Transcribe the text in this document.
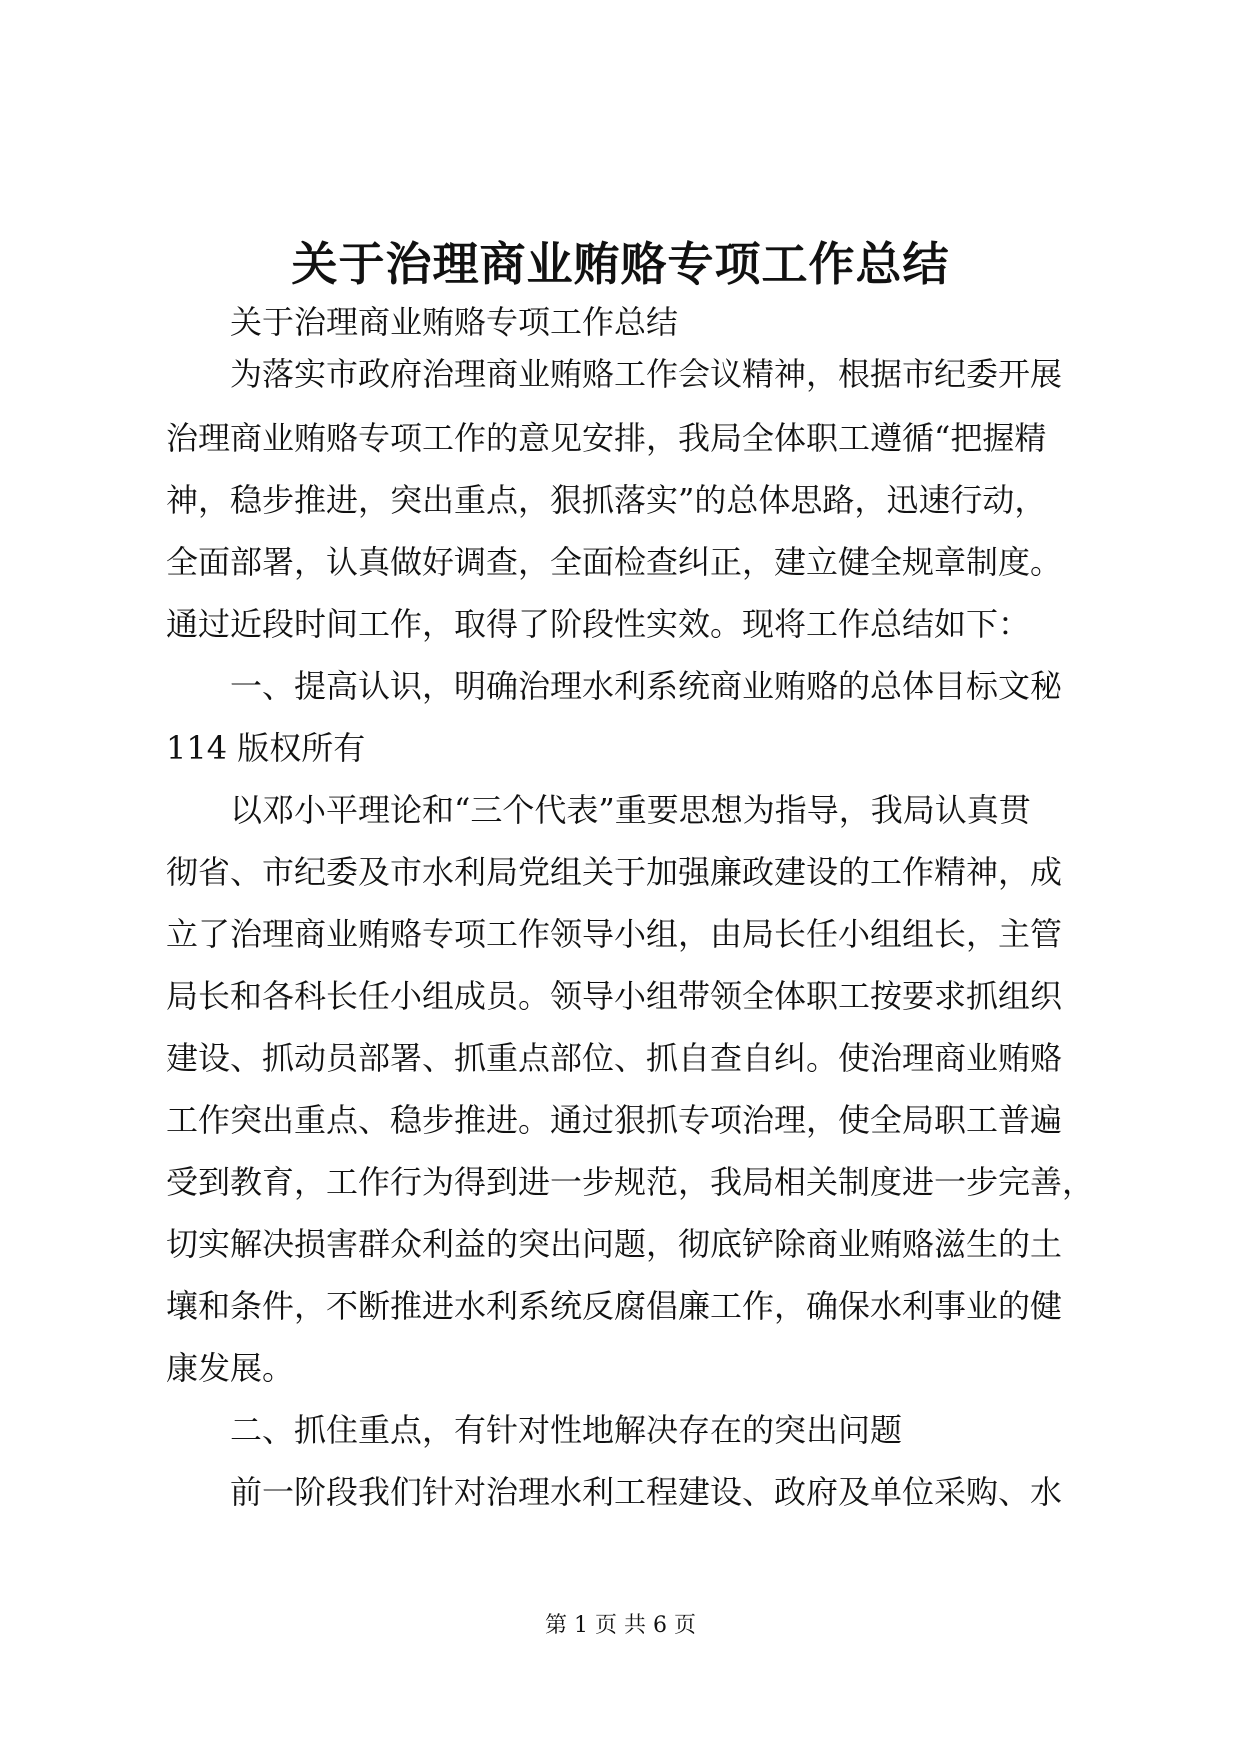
关于治理商业贿赂专项工作总结
关于治理商业贿赂专项工作总结
为落实市政府治理商业贿赂工作会议精神，根据市纪委开展
治理商业贿赂专项工作的意见安排，我局全体职工遵循“把握精
神，稳步推进，突出重点，狠抓落实”的总体思路，迅速行动，
全面部署，认真做好调查，全面检查纠正，建立健全规章制度。
通过近段时间工作，取得了阶段性实效。现将工作总结如下：
一、提高认识，明确治理水利系统商业贿赂的总体目标文秘
114 版权所有
以邓小平理论和“三个代表”重要思想为指导，我局认真贯
彻省、市纪委及市水利局党组关于加强廉政建设的工作精神，成
立了治理商业贿赂专项工作领导小组，由局长任小组组长，主管
局长和各科长任小组成员。领导小组带领全体职工按要求抓组织
建设、抓动员部署、抓重点部位、抓自查自纠。使治理商业贿赂
工作突出重点、稳步推进。通过狠抓专项治理，使全局职工普遍
受到教育，工作行为得到进一步规范，我局相关制度进一步完善，
切实解决损害群众利益的突出问题，彻底铲除商业贿赂滋生的土
壤和条件，不断推进水利系统反腐倡廉工作，确保水利事业的健
康发展。
二、抓住重点，有针对性地解决存在的突出问题
前一阶段我们针对治理水利工程建设、政府及单位采购、水
第 1 页 共 6 页
